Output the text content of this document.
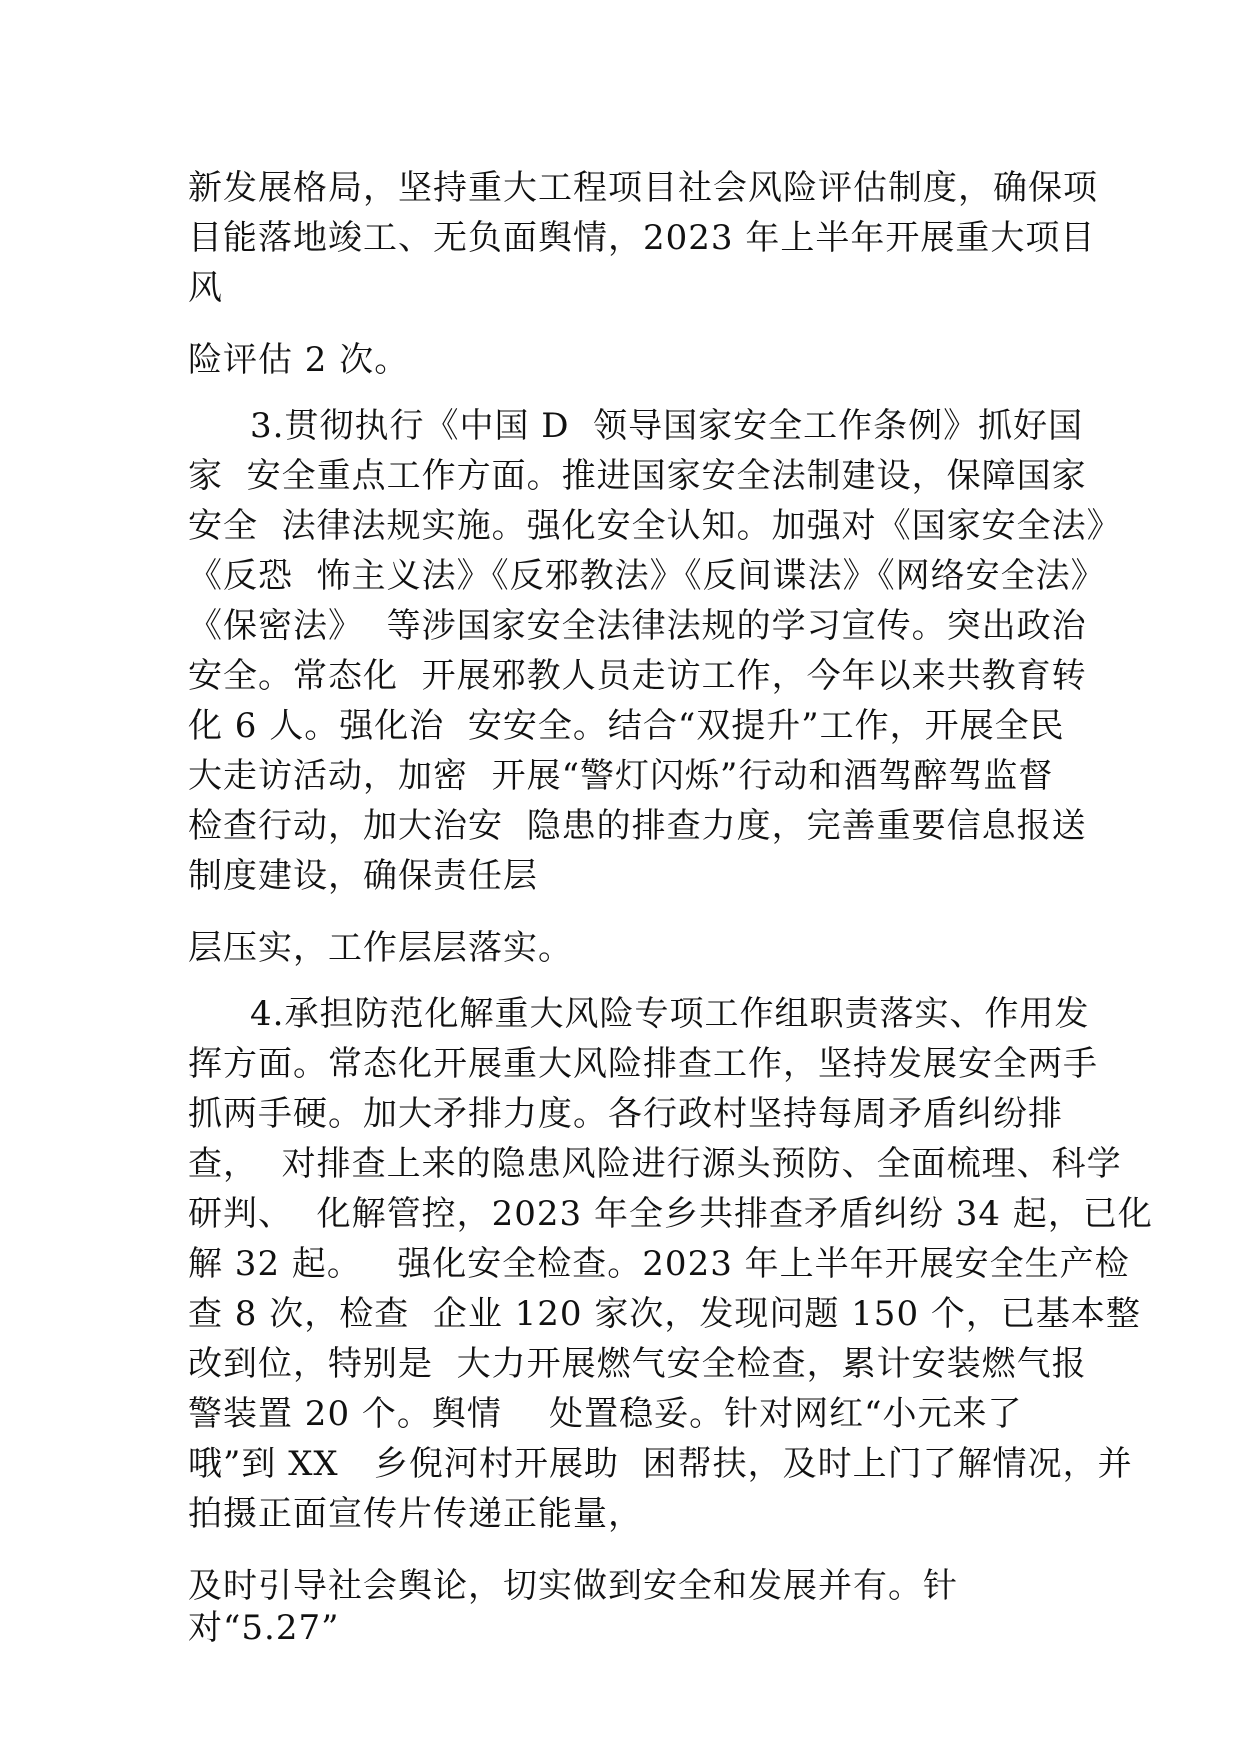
新发展格局，坚持重大工程项目社会风险评估制度，确保项
目能落地竣工、无负面舆情，2023 年上半年开展重大项目
风
险评估 2 次。
3.贯彻执行《中国 D  领导国家安全工作条例》抓好国
家  安全重点工作方面。推进国家安全法制建设，保障国家
安全  法律法规实施。强化安全认知。加强对《国家安全法》
《反恐  怖主义法》《反邪教法》《反间谍法》《网络安全法》
《保密法》  等涉国家安全法律法规的学习宣传。突出政治
安全。常态化  开展邪教人员走访工作，今年以来共教育转
化 6 人。强化治  安安全。结合“双提升”工作，开展全民
大走访活动，加密  开展“警灯闪烁”行动和酒驾醉驾监督
检查行动，加大治安  隐患的排查力度，完善重要信息报送
制度建设，确保责任层
层压实，工作层层落实。
4.承担防范化解重大风险专项工作组职责落实、作用发
挥方面。常态化开展重大风险排查工作，坚持发展安全两手
抓两手硬。加大矛排力度。各行政村坚持每周矛盾纠纷排
查，  对排查上来的隐患风险进行源头预防、全面梳理、科学
研判、  化解管控，2023 年全乡共排查矛盾纠纷 34 起，已化
解 32 起。   强化安全检查。2023 年上半年开展安全生产检
查 8 次，检查  企业 120 家次，发现问题 150 个，已基本整
改到位，特别是  大力开展燃气安全检查，累计安装燃气报
警装置 20 个。舆情    处置稳妥。针对网红“小元来了
哦”到 XX   乡倪河村开展助  困帮扶，及时上门了解情况，并
拍摄正面宣传片传递正能量，
及时引导社会舆论，切实做到安全和发展并有。针
对“5.27”
